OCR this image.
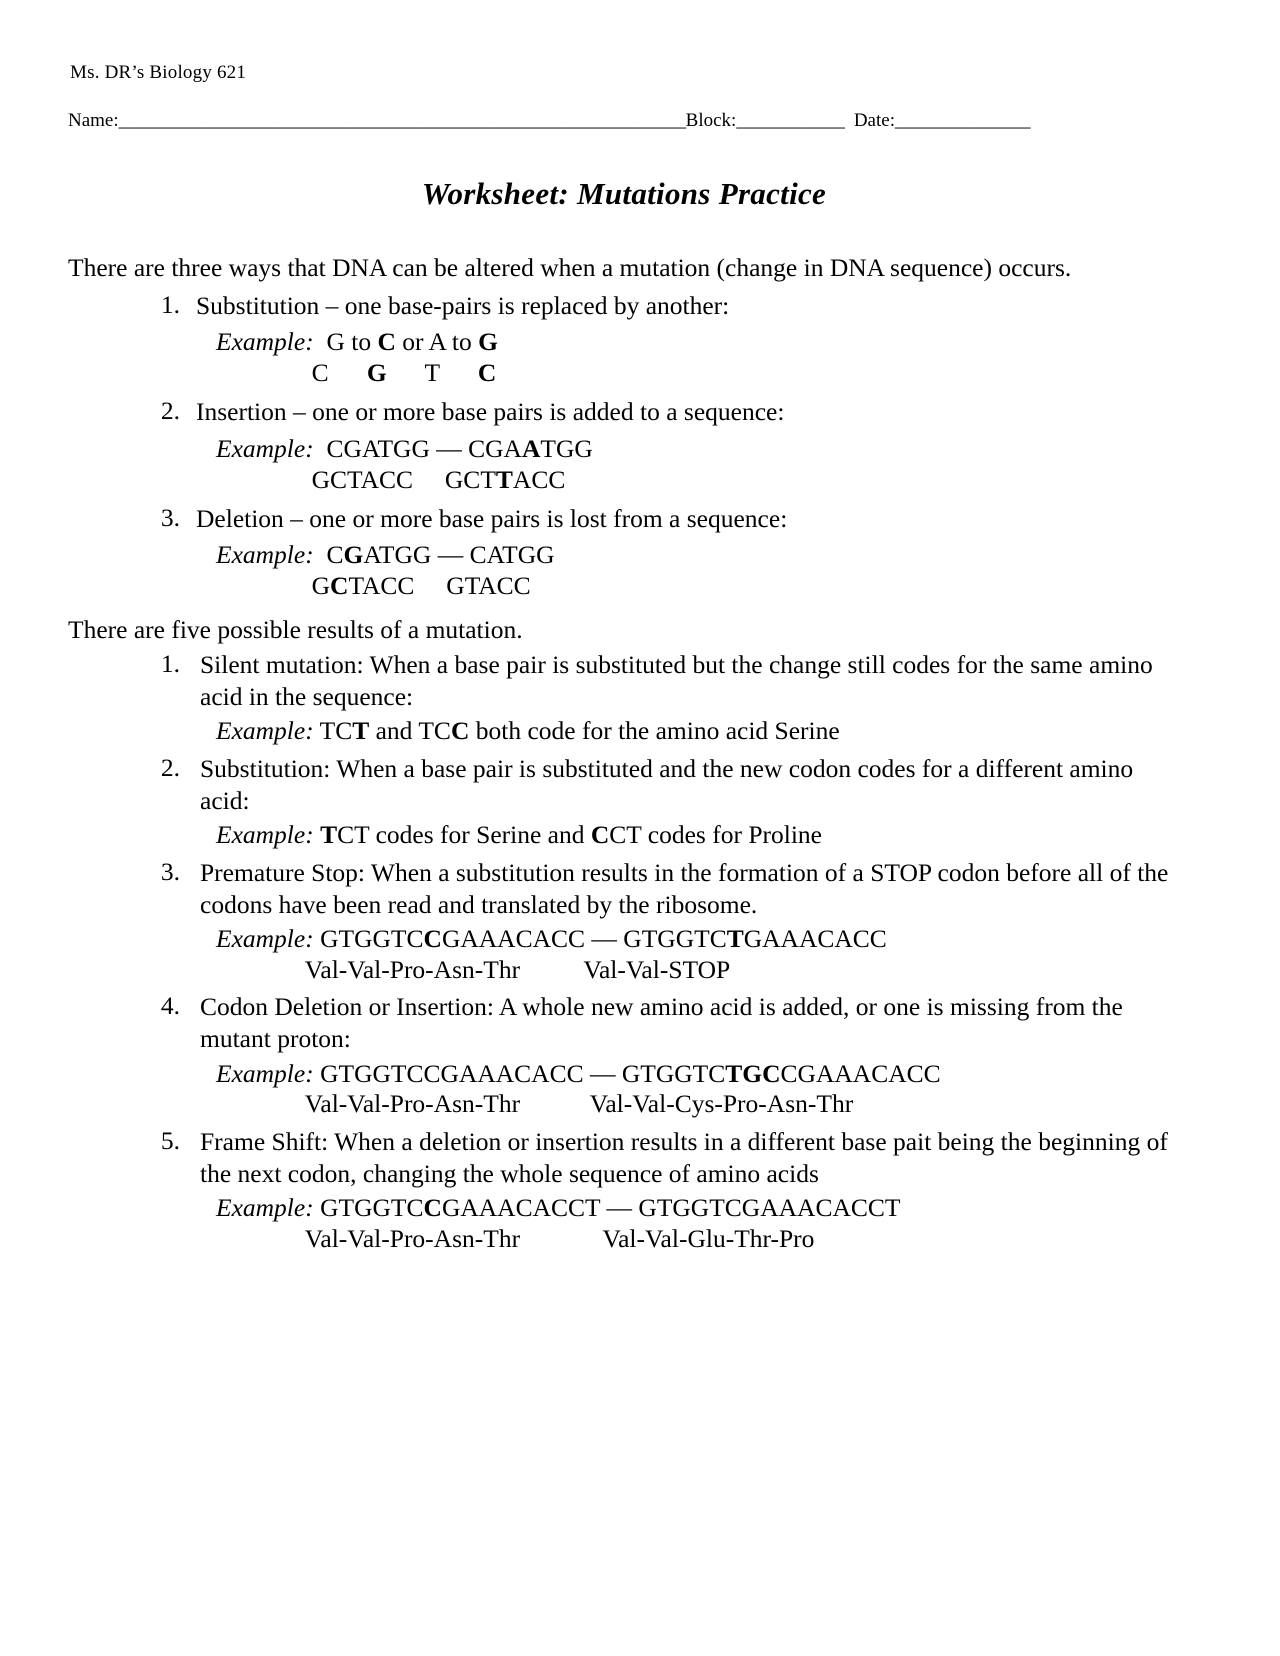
Ms. DR’s Biology 621
Name:_______________________________________________________________Block:____________ Date:_______________
Worksheet: Mutations Practice

There are three ways that DNA can be altered when a mutation (change in DNA sequence) occurs.

1. Substitution – one base-pairs is replaced by another:
Example:  G to C or A to G
C      G      T      C
2. Insertion – one or more base pairs is added to a sequence:
Example:  CGATGG — CGAATGG
GCTACC     GCTTACC
3. Deletion – one or more base pairs is lost from a sequence:
Example:  CGATGG — CATGG
GCTACC     GTACC

There are five possible results of a mutation.

1. Silent mutation: When a base pair is substituted but the change still codes for the same amino acid in the sequence:
Example: TCT and TCC both code for the amino acid Serine
2. Substitution: When a base pair is substituted and the new codon codes for a different amino acid:
Example: TCT codes for Serine and CCT codes for Proline
3. Premature Stop: When a substitution results in the formation of a STOP codon before all of the codons have been read and translated by the ribosome.
Example: GTGGTCCGAAACACC — GTGGTCTGAAACACC
Val-Val-Pro-Asn-Thr          Val-Val-STOP
4. Codon Deletion or Insertion: A whole new amino acid is added, or one is missing from the mutant proton:
Example: GTGGTCCGAAACACC –– GTGGTCTGCCGAAACACC
Val-Val-Pro-Asn-Thr           Val-Val-Cys-Pro-Asn-Thr
5. Frame Shift: When a deletion or insertion results in a different base pait being the beginning of the next codon, changing the whole sequence of amino acids
Example: GTGGTCCGAAACACCT — GTGGTCGAAACACCT
Val-Val-Pro-Asn-Thr             Val-Val-Glu-Thr-Pro
